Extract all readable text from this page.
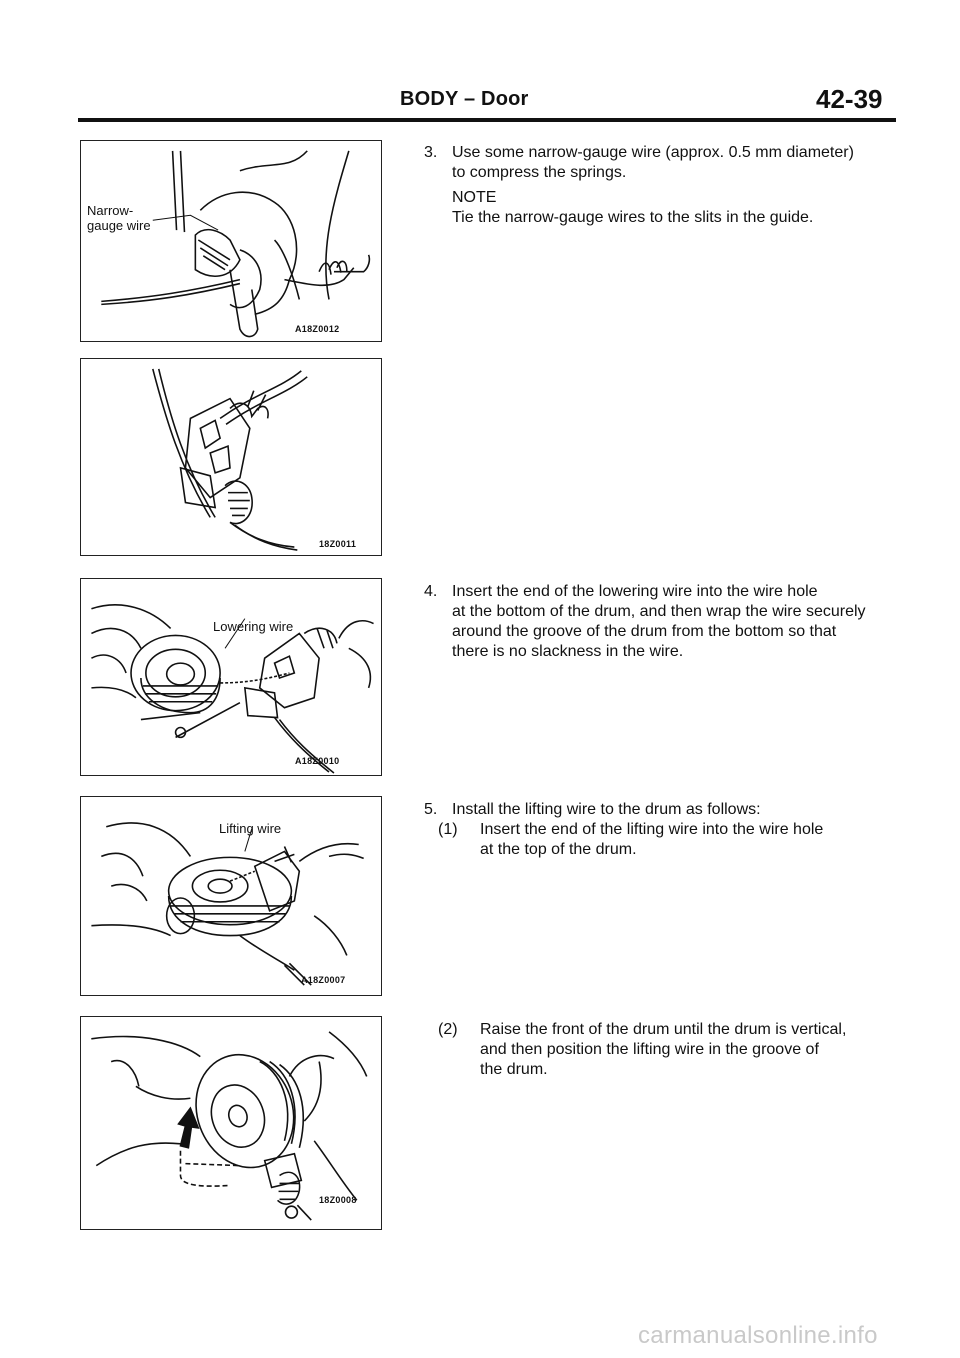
BODY – Door	42-39
Narrow-
gauge wire
A18Z0012
18Z0011
Lowering wire
A18Z0010
Lifting wire
A18Z0007
18Z0008
3. Use some narrow-gauge wire (approx. 0.5 mm diameter)
to compress the springs.
NOTE
Tie the narrow-gauge wires to the slits in the guide.
4. Insert the end of the lowering wire into the wire hole
at the bottom of the drum, and then wrap the wire securely
around the groove of the drum from the bottom so that
there is no slackness in the wire.
5. Install the lifting wire to the drum as follows:
(1) Insert the end of the lifting wire into the wire hole
at the top of the drum.
(2) Raise the front of the drum until the drum is vertical,
and then position the lifting wire in the groove of
the drum.
carmanualsonline.info
